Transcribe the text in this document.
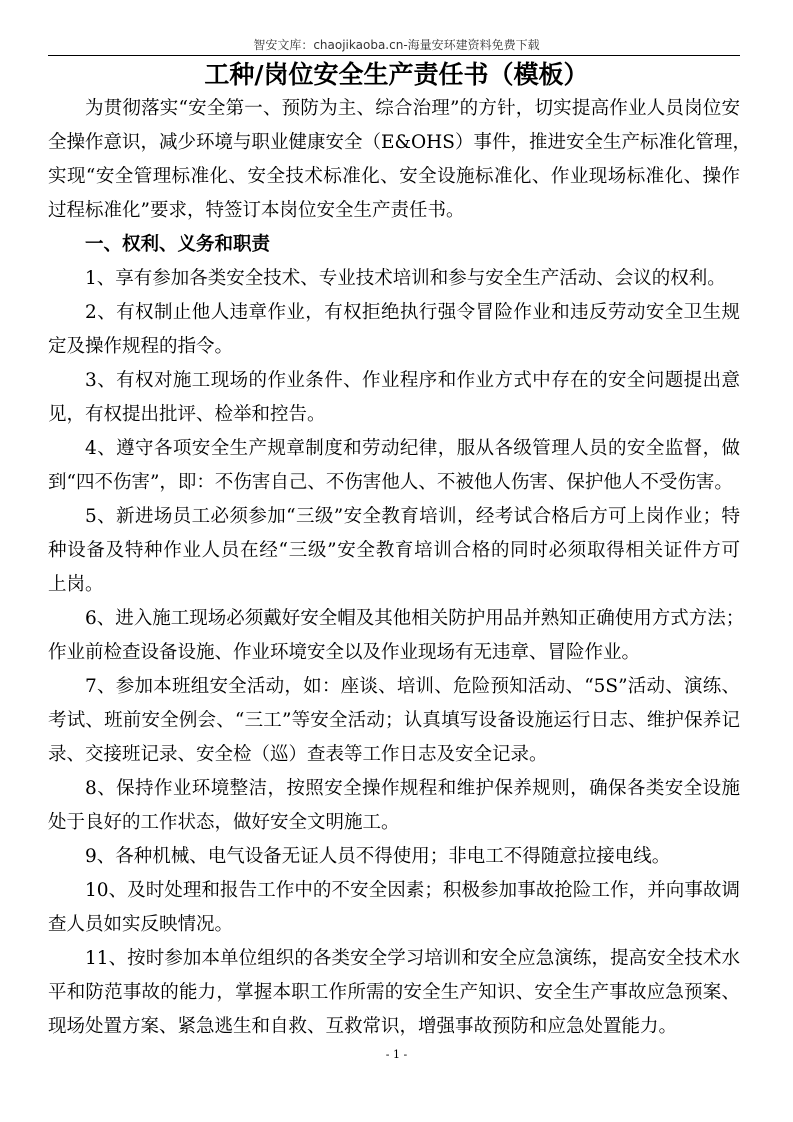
智安文库：chaojikaoba.cn-海量安环建资料免费下载
工种/岗位安全生产责任书（模板）
为贯彻落实“安全第一、预防为主、综合治理”的方针，切实提高作业人员岗位安
全操作意识，减少环境与职业健康安全（E&OHS）事件，推进安全生产标准化管理，
实现“安全管理标准化、安全技术标准化、安全设施标准化、作业现场标准化、操作
过程标准化”要求，特签订本岗位安全生产责任书。
一、权利、义务和职责
1、享有参加各类安全技术、专业技术培训和参与安全生产活动、会议的权利。
2、有权制止他人违章作业，有权拒绝执行强令冒险作业和违反劳动安全卫生规
定及操作规程的指令。
3、有权对施工现场的作业条件、作业程序和作业方式中存在的安全问题提出意
见，有权提出批评、检举和控告。
4、遵守各项安全生产规章制度和劳动纪律，服从各级管理人员的安全监督，做
到“四不伤害”，即：不伤害自己、不伤害他人、不被他人伤害、保护他人不受伤害。
5、新进场员工必须参加“三级”安全教育培训，经考试合格后方可上岗作业；特
种设备及特种作业人员在经“三级”安全教育培训合格的同时必须取得相关证件方可
上岗。
6、进入施工现场必须戴好安全帽及其他相关防护用品并熟知正确使用方式方法；
作业前检查设备设施、作业环境安全以及作业现场有无违章、冒险作业。
7、参加本班组安全活动，如：座谈、培训、危险预知活动、“5S”活动、演练、
考试、班前安全例会、“三工”等安全活动；认真填写设备设施运行日志、维护保养记
录、交接班记录、安全检（巡）查表等工作日志及安全记录。
8、保持作业环境整洁，按照安全操作规程和维护保养规则，确保各类安全设施
处于良好的工作状态，做好安全文明施工。
9、各种机械、电气设备无证人员不得使用；非电工不得随意拉接电线。
10、及时处理和报告工作中的不安全因素；积极参加事故抢险工作，并向事故调
查人员如实反映情况。
11、按时参加本单位组织的各类安全学习培训和安全应急演练，提高安全技术水
平和防范事故的能力，掌握本职工作所需的安全生产知识、安全生产事故应急预案、
现场处置方案、紧急逃生和自救、互救常识，增强事故预防和应急处置能力。
- 1 -
